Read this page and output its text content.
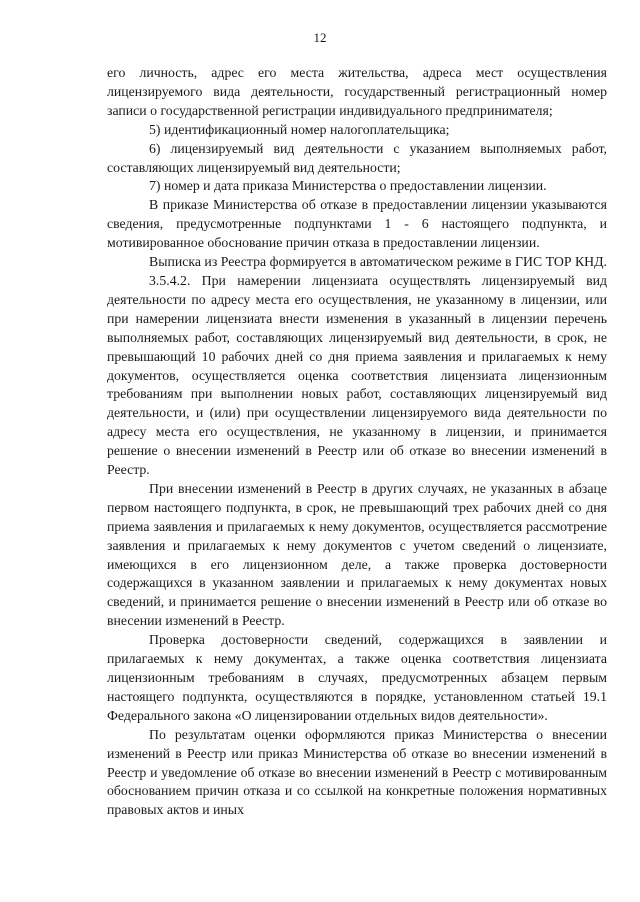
12

его личность, адрес его места жительства, адреса мест осуществления лицензируемого вида деятельности, государственный регистрационный номер записи о государственной регистрации индивидуального предпринимателя;

5) идентификационный номер налогоплательщика;

6) лицензируемый вид деятельности с указанием выполняемых работ, составляющих лицензируемый вид деятельности;

7) номер и дата приказа Министерства о предоставлении лицензии.

В приказе Министерства об отказе в предоставлении лицензии указываются сведения, предусмотренные подпунктами 1 - 6 настоящего подпункта, и мотивированное обоснование причин отказа в предоставлении лицензии.

Выписка из Реестра формируется в автоматическом режиме в ГИС ТОР КНД.

3.5.4.2. При намерении лицензиата осуществлять лицензируемый вид деятельности по адресу места его осуществления, не указанному в лицензии, или при намерении лицензиата внести изменения в указанный в лицензии перечень выполняемых работ, составляющих лицензируемый вид деятельности, в срок, не превышающий 10 рабочих дней со дня приема заявления и прилагаемых к нему документов, осуществляется оценка соответствия лицензиата лицензионным требованиям при выполнении новых работ, составляющих лицензируемый вид деятельности, и (или) при осуществлении лицензируемого вида деятельности по адресу места его осуществления, не указанному в лицензии, и принимается решение о внесении изменений в Реестр или об отказе во внесении изменений в Реестр.

При внесении изменений в Реестр в других случаях, не указанных в абзаце первом настоящего подпункта, в срок, не превышающий трех рабочих дней со дня приема заявления и прилагаемых к нему документов, осуществляется рассмотрение заявления и прилагаемых к нему документов с учетом сведений о лицензиате, имеющихся в его лицензионном деле, а также проверка достоверности содержащихся в указанном заявлении и прилагаемых к нему документах новых сведений, и принимается решение о внесении изменений в Реестр или об отказе во внесении изменений в Реестр.

Проверка достоверности сведений, содержащихся в заявлении и прилагаемых к нему документах, а также оценка соответствия лицензиата лицензионным требованиям в случаях, предусмотренных абзацем первым настоящего подпункта, осуществляются в порядке, установленном статьей 19.1 Федерального закона «О лицензировании отдельных видов деятельности».

По результатам оценки оформляются приказ Министерства о внесении изменений в Реестр или приказ Министерства об отказе во внесении изменений в Реестр и уведомление об отказе во внесении изменений в Реестр с мотивированным обоснованием причин отказа и со ссылкой на конкретные положения нормативных правовых актов и иных
